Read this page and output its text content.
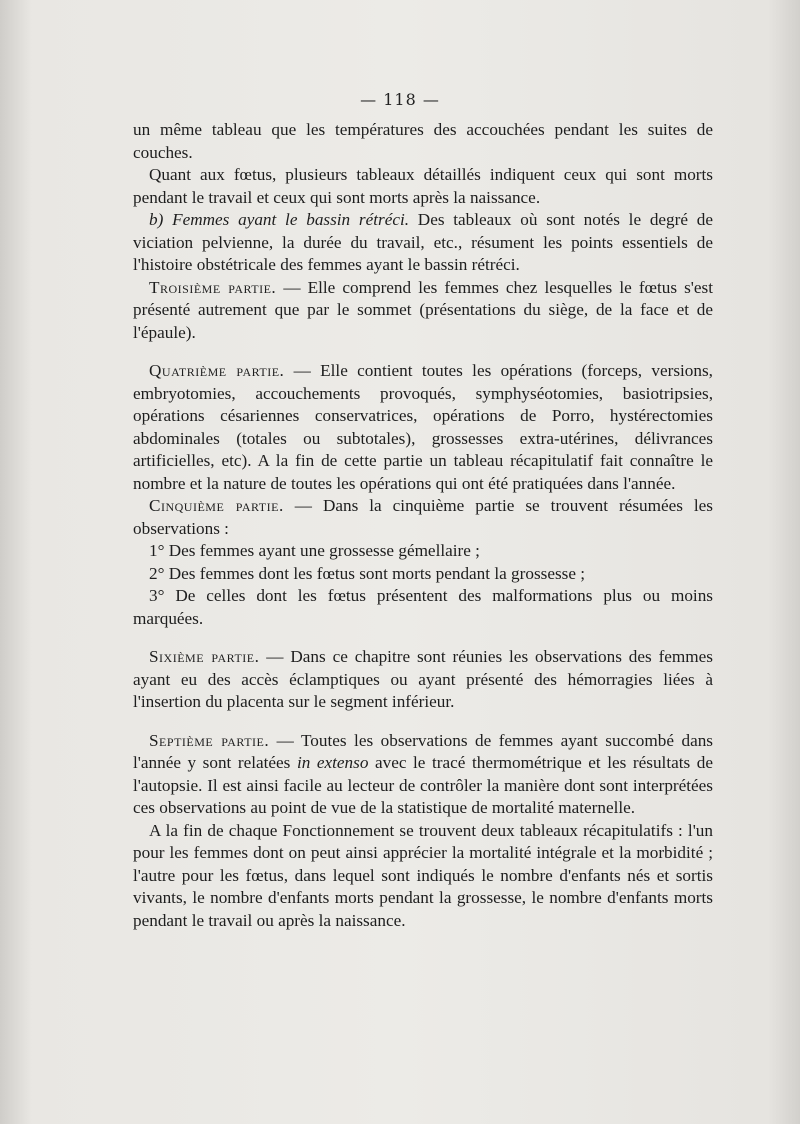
— 118 —

un même tableau que les températures des accouchées pendant les suites de couches.

Quant aux fœtus, plusieurs tableaux détaillés indiquent ceux qui sont morts pendant le travail et ceux qui sont morts après la naissance.

b) Femmes ayant le bassin rétréci. Des tableaux où sont notés le degré de viciation pelvienne, la durée du travail, etc., résument les points essentiels de l'histoire obstétricale des femmes ayant le bassin rétréci.

Troisième partie. — Elle comprend les femmes chez lesquelles le fœtus s'est présenté autrement que par le sommet (présentations du siège, de la face et de l'épaule).

Quatrième partie. — Elle contient toutes les opérations (forceps, versions, embryotomies, accouchements provoqués, symphyséotomies, basiotripsies, opérations césariennes conservatrices, opérations de Porro, hystérectomies abdominales (totales ou subtotales), grossesses extra-utérines, délivrances artificielles, etc). A la fin de cette partie un tableau récapitulatif fait connaître le nombre et la nature de toutes les opérations qui ont été pratiquées dans l'année.

Cinquième partie. — Dans la cinquième partie se trouvent résumées les observations :

1° Des femmes ayant une grossesse gémellaire ;

2° Des femmes dont les fœtus sont morts pendant la grossesse ;

3° De celles dont les fœtus présentent des malformations plus ou moins marquées.

Sixième partie. — Dans ce chapitre sont réunies les observations des femmes ayant eu des accès éclamptiques ou ayant présenté des hémorragies liées à l'insertion du placenta sur le segment inférieur.

Septième partie. — Toutes les observations de femmes ayant succombé dans l'année y sont relatées in extenso avec le tracé thermométrique et les résultats de l'autopsie. Il est ainsi facile au lecteur de contrôler la manière dont sont interprétées ces observations au point de vue de la statistique de mortalité maternelle.

A la fin de chaque Fonctionnement se trouvent deux tableaux récapitulatifs : l'un pour les femmes dont on peut ainsi apprécier la mortalité intégrale et la morbidité ; l'autre pour les fœtus, dans lequel sont indiqués le nombre d'enfants nés et sortis vivants, le nombre d'enfants morts pendant la grossesse, le nombre d'enfants morts pendant le travail ou après la naissance.
